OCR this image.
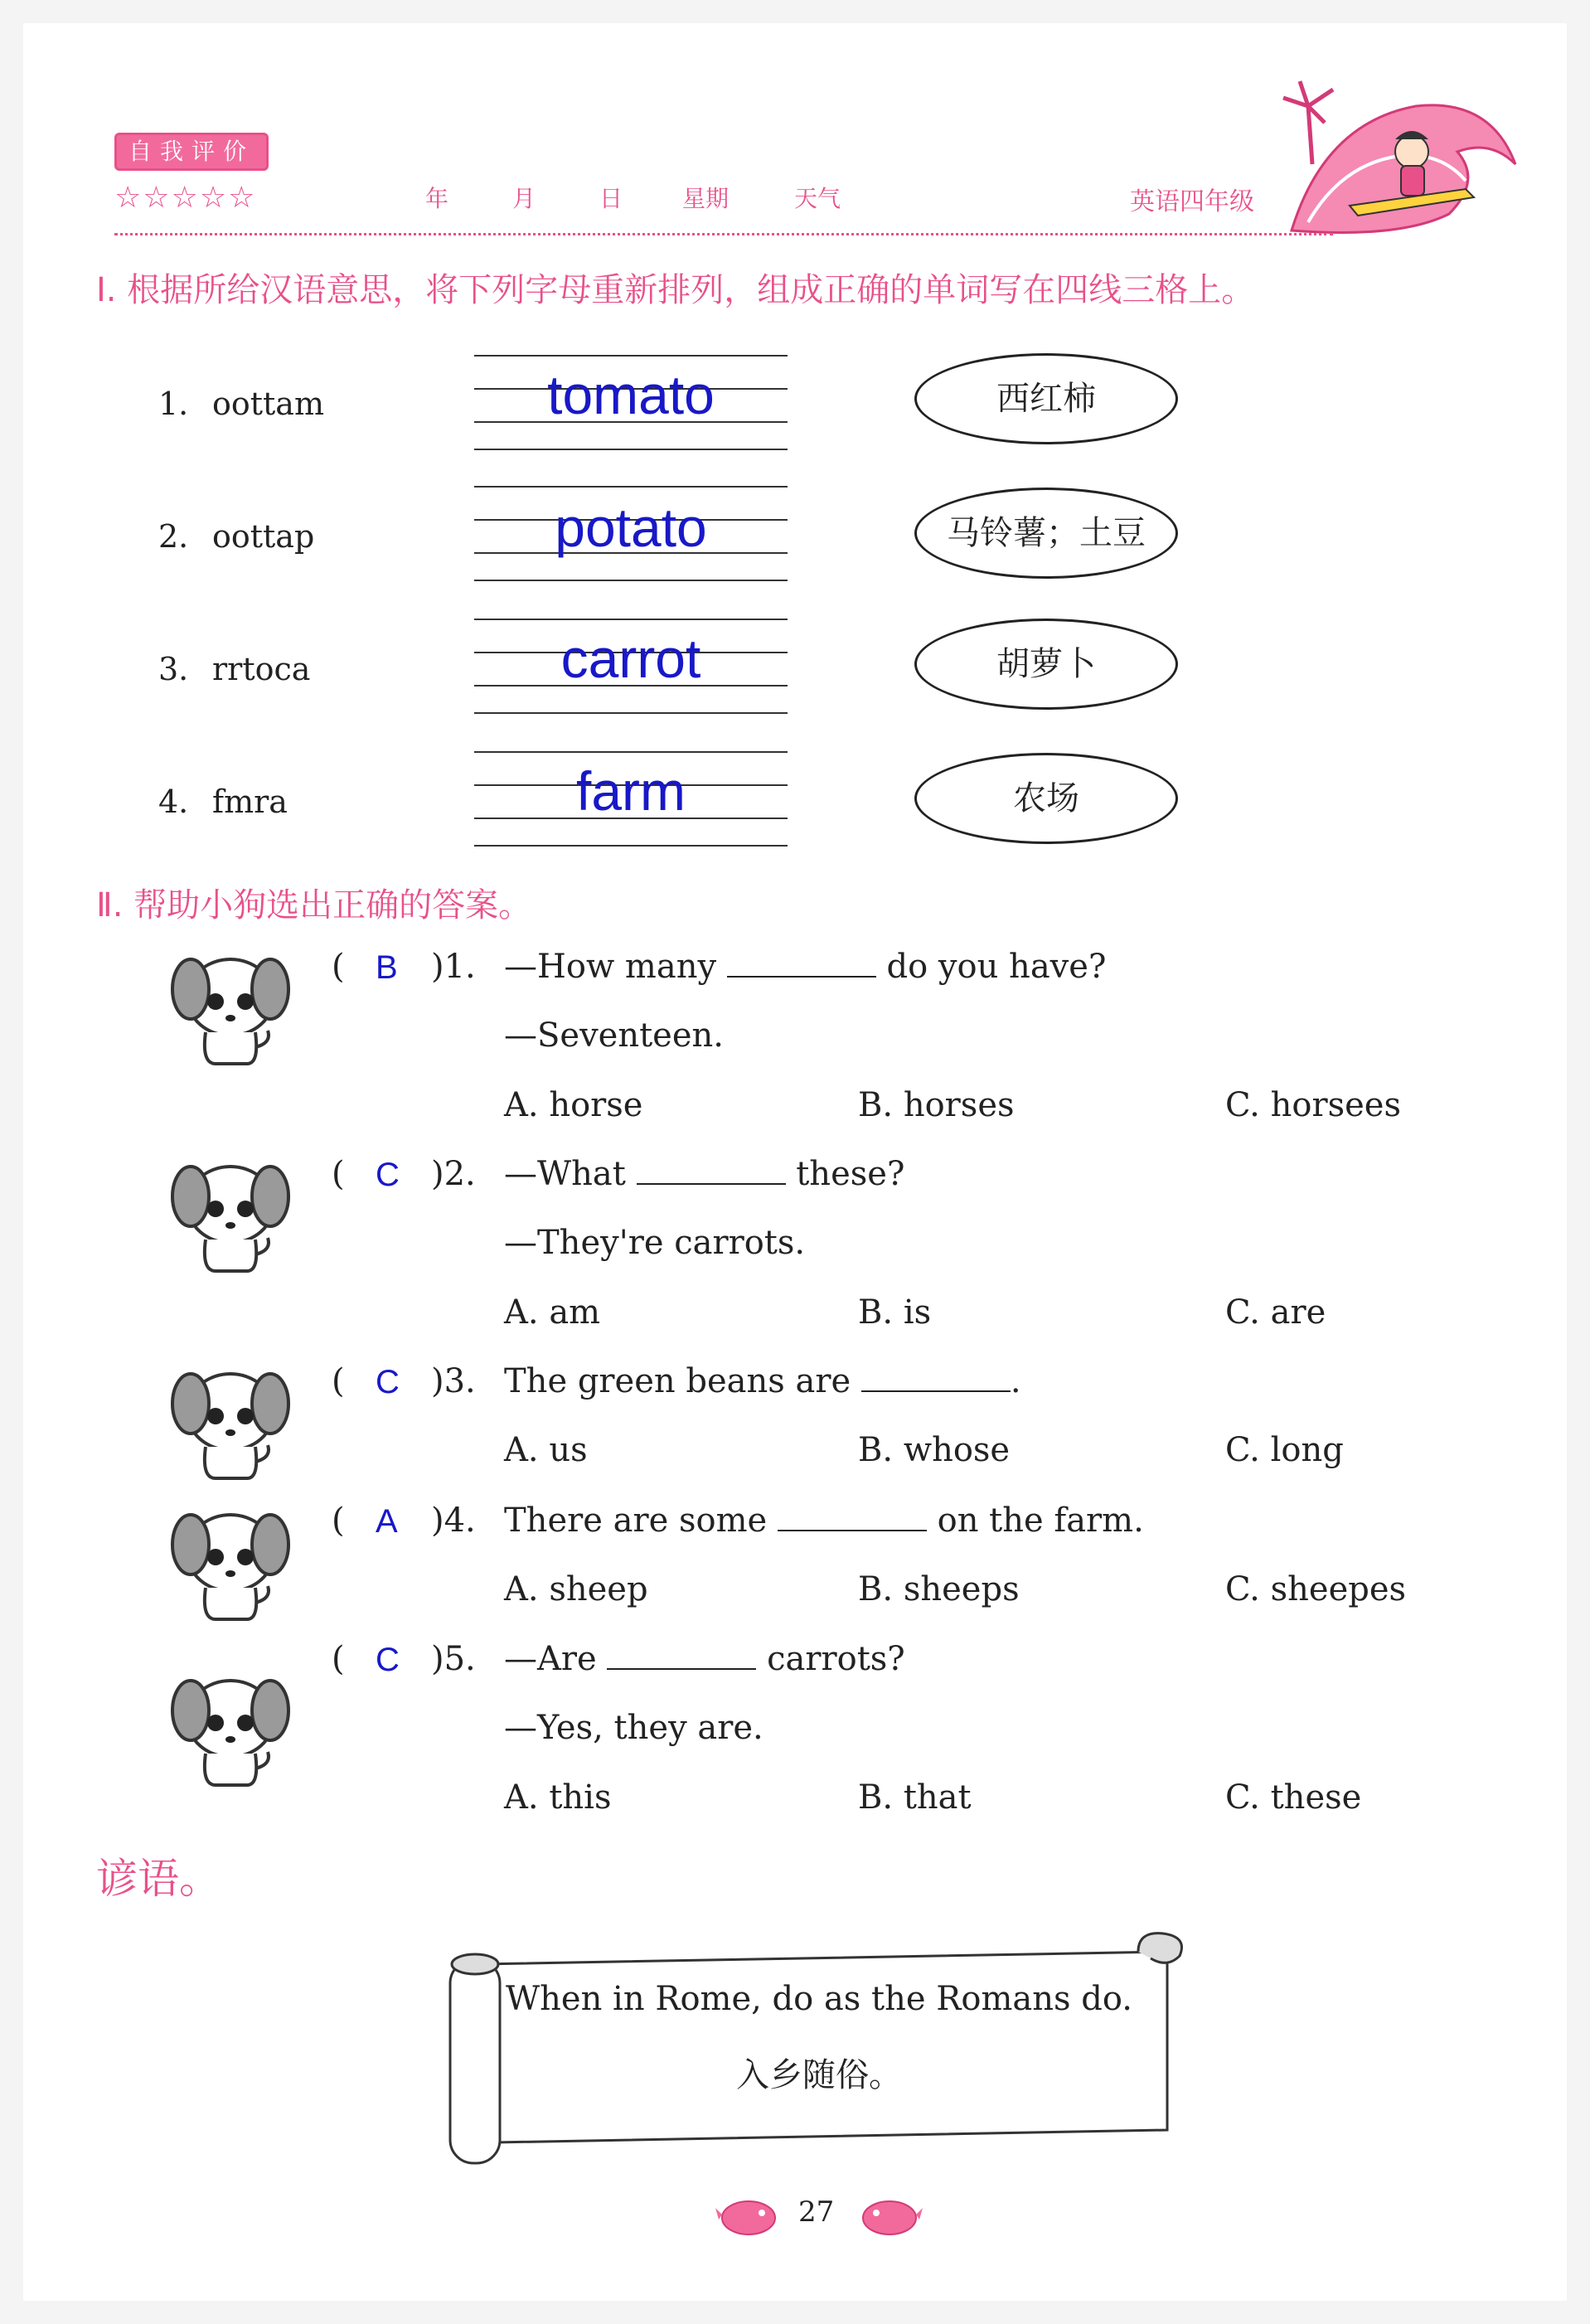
自我评价
☆☆☆☆☆	年	月	日	星期	天气	英语四年级
Ⅰ. 根据所给汉语意思，将下列字母重新排列，组成正确的单词写在四线三格上。
1. oottam	tomato	西红柿
2. oottap	potato	马铃薯；土豆
3. rrtoca	carrot	胡萝卜
4. fmra	farm	农场
Ⅱ. 帮助小狗选出正确的答案。
( B )1. —How many	do you have?
—Seventeen.
A. horse	B. horses	C. horsees
( C )2. —What	these?
—They're carrots.
A. am	B. is	C. are
( C )3. The green beans are	.
A. us	B. whose	C. long
( A )4. There are some	on the farm.
A. sheep	B. sheeps	C. sheepes
( C )5. —Are	carrots?
—Yes, they are.
A. this	B. that	C. these
谚语。
When in Rome, do as the Romans do.
入乡随俗。
27
